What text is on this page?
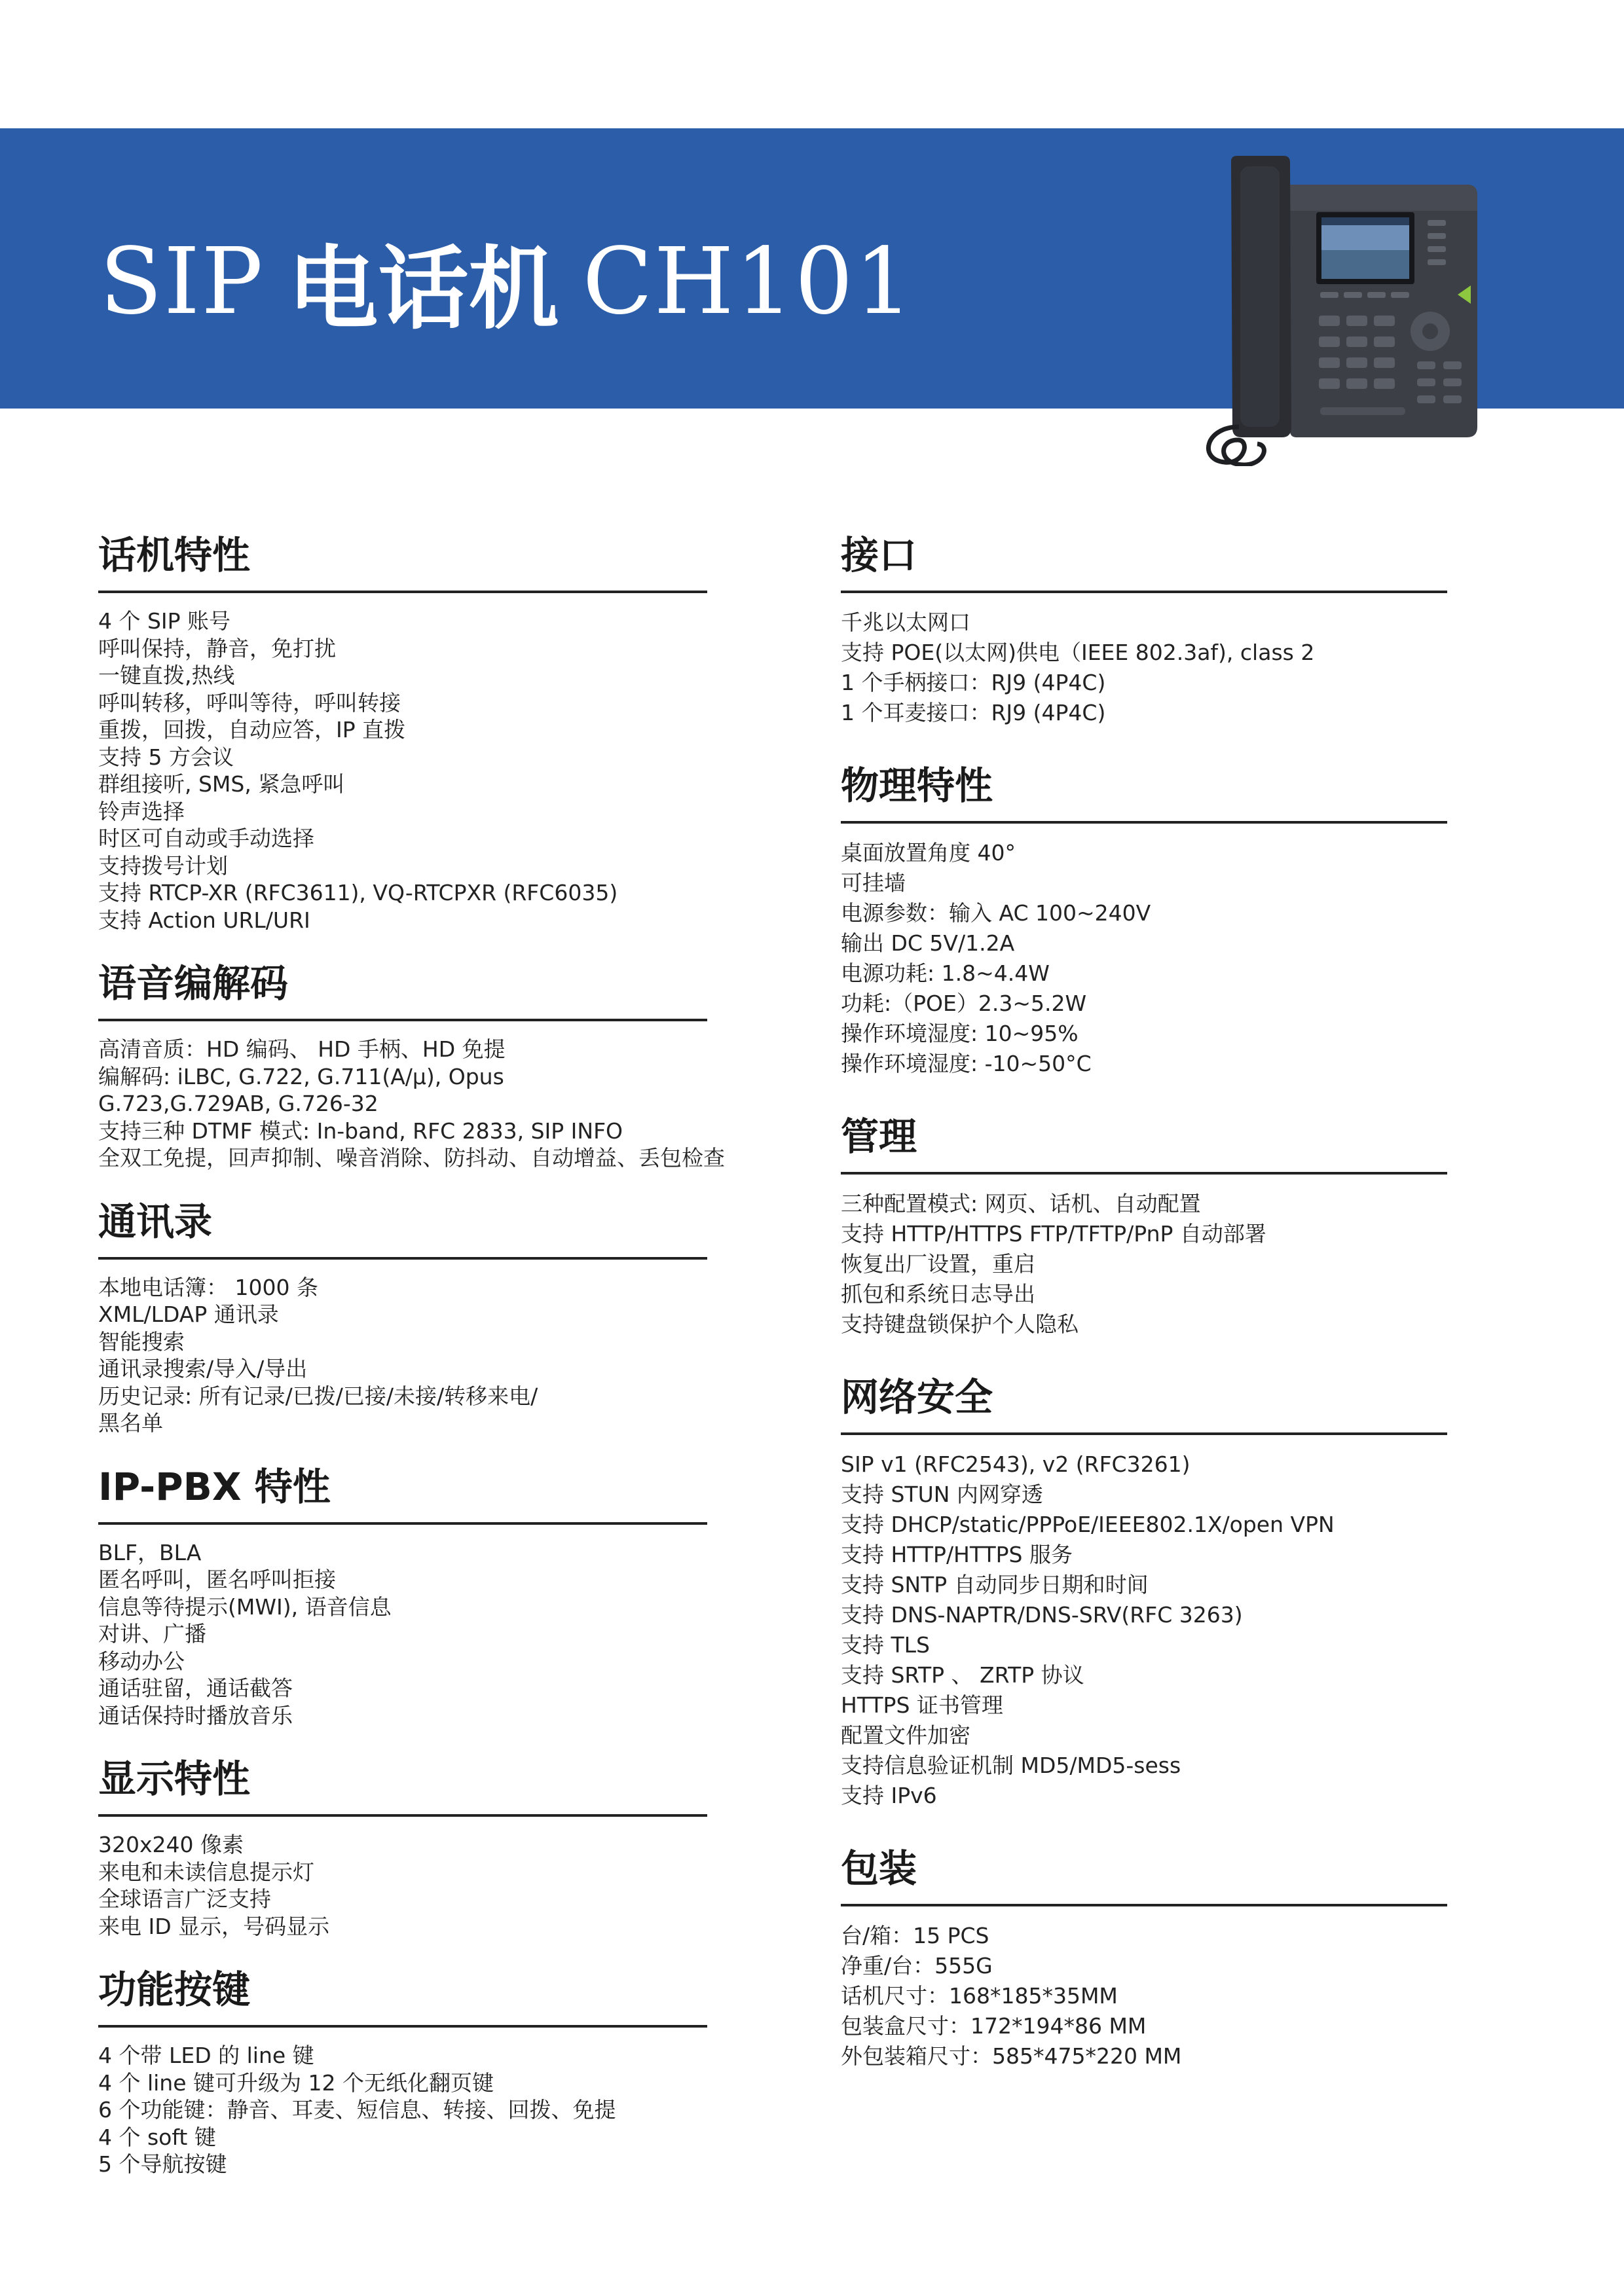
SIP 电话机 CH101
话机特性
4 个 SIP 账号
呼叫保持，静音，免打扰
一键直拨,热线
呼叫转移，呼叫等待，呼叫转接
重拨，回拨，自动应答，IP 直拨
支持 5 方会议
群组接听, SMS, 紧急呼叫
铃声选择
时区可自动或手动选择
支持拨号计划
支持 RTCP-XR (RFC3611), VQ-RTCPXR (RFC6035)
支持 Action URL/URI
语音编解码
高清音质：HD 编码、 HD 手柄、HD 免提
编解码: iLBC, G.722, G.711(A/μ), Opus
G.723,G.729AB, G.726-32
支持三种 DTMF 模式: In-band, RFC 2833, SIP INFO
全双工免提，回声抑制、噪音消除、防抖动、自动增益、丢包检查
通讯录
本地电话簿： 1000 条
XML/LDAP 通讯录
智能搜索
通讯录搜索/导入/导出
历史记录: 所有记录/已拨/已接/未接/转移来电/
黑名单
IP-PBX 特性
BLF，BLA
匿名呼叫，匿名呼叫拒接
信息等待提示(MWI), 语音信息
对讲、广播
移动办公
通话驻留，通话截答
通话保持时播放音乐
显示特性
320x240 像素
来电和未读信息提示灯
全球语言广泛支持
来电 ID 显示，号码显示
功能按键
4 个带 LED 的 line 键
4 个 line 键可升级为 12 个无纸化翻页键
6 个功能键：静音、耳麦、短信息、转接、回拨、免提
4 个 soft 键
5 个导航按键
接口
千兆以太网口
支持 POE(以太网)供电（IEEE 802.3af), class 2
1 个手柄接口：RJ9 (4P4C)
1 个耳麦接口：RJ9 (4P4C)
物理特性
桌面放置角度 40°
可挂墙
电源参数：输入 AC 100~240V
输出 DC 5V/1.2A
电源功耗: 1.8~4.4W
功耗:（POE）2.3~5.2W
操作环境湿度: 10~95%
操作环境湿度: -10~50°C
管理
三种配置模式: 网页、话机、自动配置
支持 HTTP/HTTPS FTP/TFTP/PnP 自动部署
恢复出厂设置，重启
抓包和系统日志导出
支持键盘锁保护个人隐私
网络安全
SIP v1 (RFC2543), v2 (RFC3261)
支持 STUN 内网穿透
支持 DHCP/static/PPPoE/IEEE802.1X/open VPN
支持 HTTP/HTTPS 服务
支持 SNTP 自动同步日期和时间
支持 DNS-NAPTR/DNS-SRV(RFC 3263)
支持 TLS
支持 SRTP 、 ZRTP 协议
HTTPS 证书管理
配置文件加密
支持信息验证机制 MD5/MD5-sess
支持 IPv6
包装
台/箱：15 PCS
净重/台：555G
话机尺寸：168*185*35MM
包装盒尺寸：172*194*86 MM
外包装箱尺寸：585*475*220 MM
